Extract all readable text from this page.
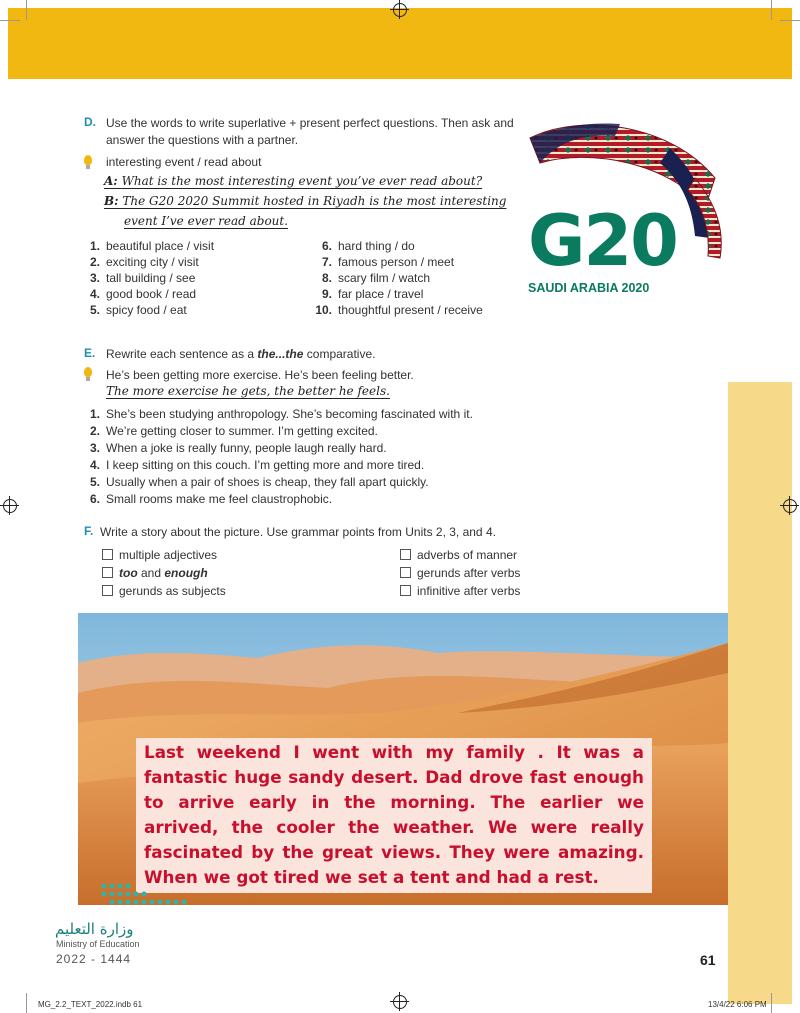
D. Use the words to write superlative + present perfect questions. Then ask and answer the questions with a partner.
interesting event / read about
A: What is the most interesting event you’ve ever read about?
B: The G20 2020 Summit hosted in Riyadh is the most interesting
event I’ve ever read about.
1. beautiful place / visit
2. exciting city / visit
3. tall building / see
4. good book / read
5. spicy food / eat
6. hard thing / do
7. famous person / meet
8. scary film / watch
9. far place / travel
10. thoughtful present / receive
G20
SAUDI ARABIA 2020
E. Rewrite each sentence as a the...the comparative.
He’s been getting more exercise. He’s been feeling better.
The more exercise he gets, the better he feels.
1. She’s been studying anthropology. She’s becoming fascinated with it.
2. We’re getting closer to summer. I’m getting excited.
3. When a joke is really funny, people laugh really hard.
4. I keep sitting on this couch. I’m getting more and more tired.
5. Usually when a pair of shoes is cheap, they fall apart quickly.
6. Small rooms make me feel claustrophobic.
F. Write a story about the picture. Use grammar points from Units 2, 3, and 4.
multiple adjectives
too and enough
gerunds as subjects
adverbs of manner
gerunds after verbs
infinitive after verbs
Last weekend I went with my family . It was a fantastic huge sandy desert. Dad drove fast enough to arrive early in the morning. The earlier we arrived, the cooler the weather. We were really fascinated by the great views. They were amazing. When we got tired we set a tent and had a rest.
وزارة التعليم
Ministry of Education
2022 - 1444	61
MG_2.2_TEXT_2022.indb 61	13/4/22 6:06 PM
